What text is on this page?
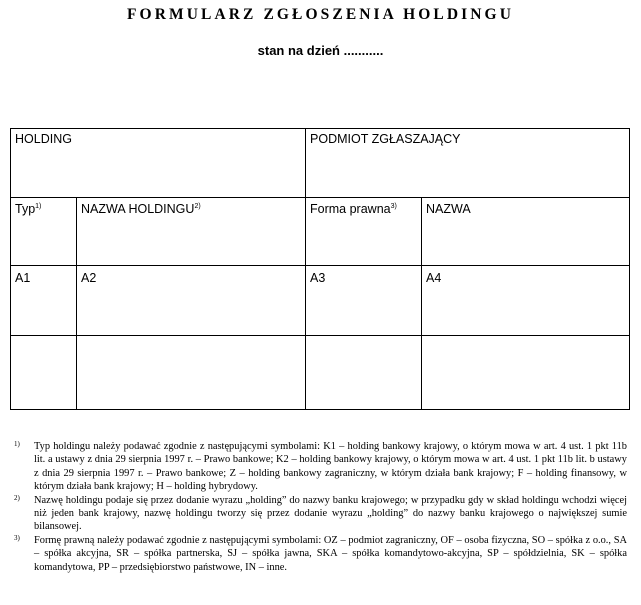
FORMULARZ ZGŁOSZENIA HOLDINGU
stan na dzień ...........
HOLDING		PODMIOT ZGŁASZAJĄCY	
Typ$^{1)}$	NAZWA HOLDINGU$^{2)}$	Forma prawna$^{3)}$	NAZWA
A1	A2	A3	A4

1)	Typ holdingu należy podawać zgodnie z następującymi symbolami: K1 – holding bankowy krajowy, o którym mowa w art. 4 ust. 1 pkt 11b lit. a ustawy z dnia 29 sierpnia 1997 r. – Prawo bankowe; K2 – holding bankowy krajowy, o którym mowa w art. 4 ust. 1 pkt 11b lit. b ustawy z dnia 29 sierpnia 1997 r. – Prawo bankowe; Z – holding bankowy zagraniczny, w którym działa bank krajowy; F – holding finansowy, w którym działa bank krajowy; H – holding hybrydowy.
2)	Nazwę holdingu podaje się przez dodanie wyrazu „holding” do nazwy banku krajowego; w przypadku gdy w skład holdingu wchodzi więcej niż jeden bank krajowy, nazwę holdingu tworzy się przez dodanie wyrazu „holding” do nazwy banku krajowego o największej sumie bilansowej.
3)	Formę prawną należy podawać zgodnie z następującymi symbolami: OZ – podmiot zagraniczny, OF – osoba fizyczna, SO – spółka z o.o., SA – spółka akcyjna, SR – spółka partnerska, SJ – spółka jawna, SKA – spółka komandytowo-akcyjna, SP – spółdzielnia, SK – spółka komandytowa, PP – przedsiębiorstwo państwowe, IN – inne.
